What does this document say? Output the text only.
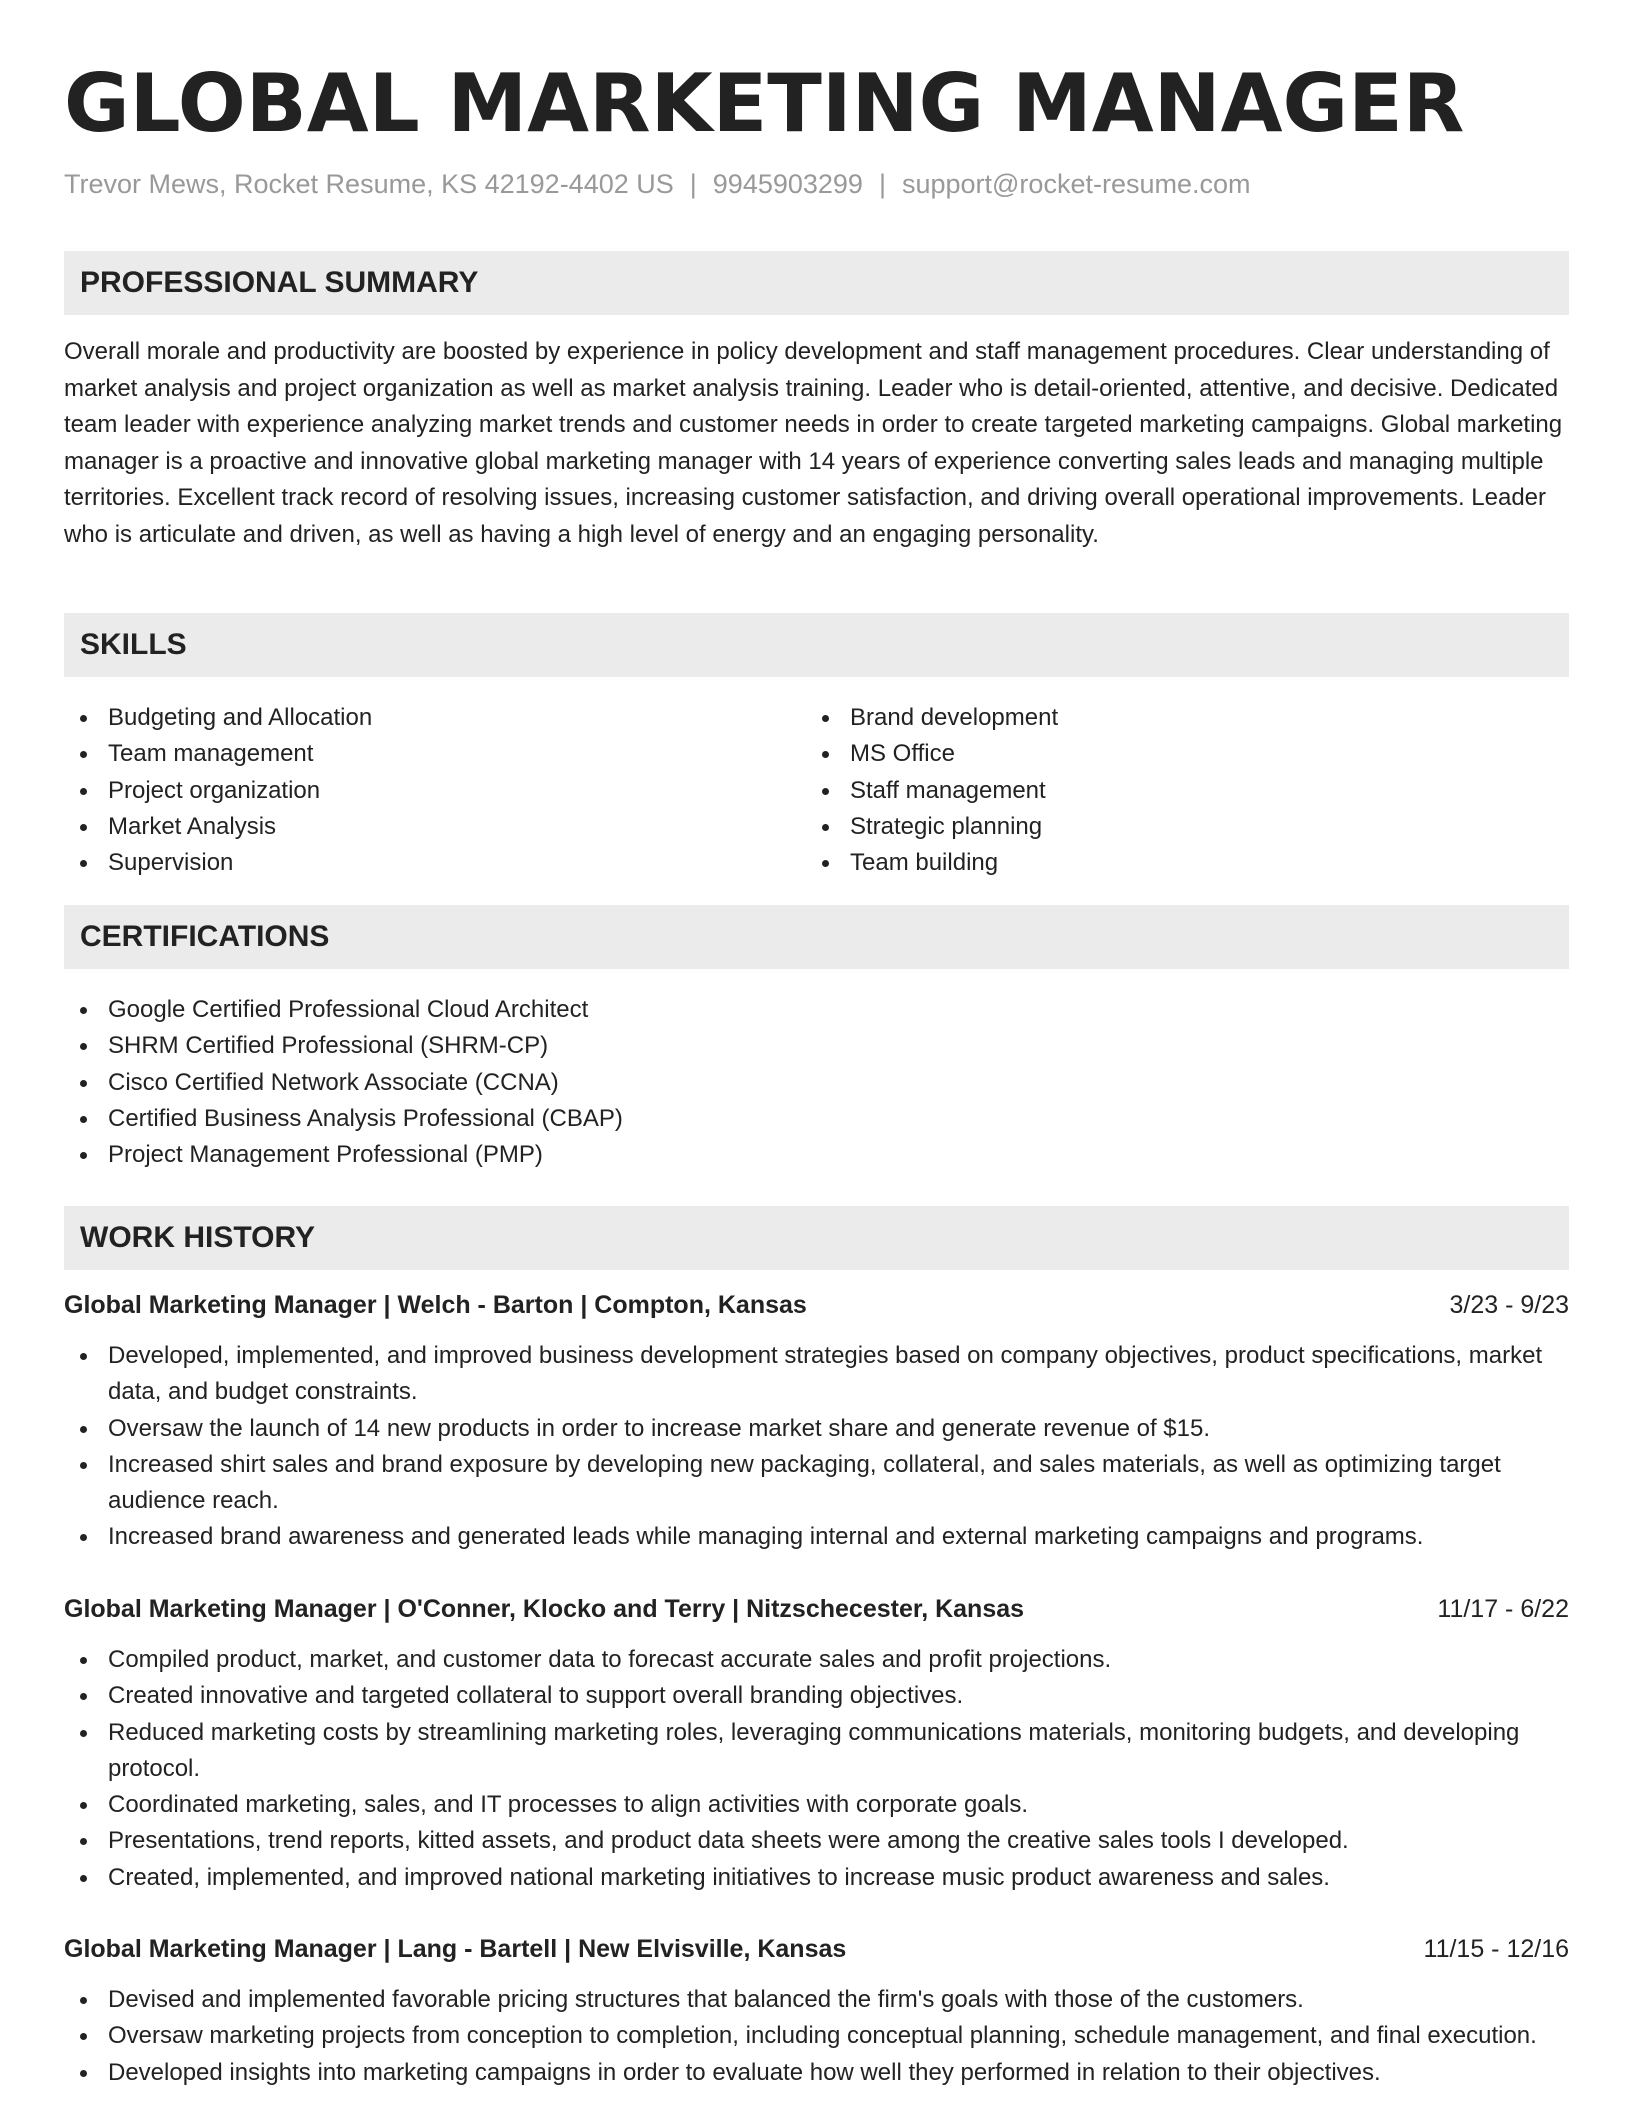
GLOBAL MARKETING MANAGER
Trevor Mews, Rocket Resume, KS 42192-4402 US | 9945903299 | support@rocket-resume.com
PROFESSIONAL SUMMARY

Overall morale and productivity are boosted by experience in policy development and staff management procedures. Clear understanding of market analysis and project organization as well as market analysis training. Leader who is detail-oriented, attentive, and decisive. Dedicated team leader with experience analyzing market trends and customer needs in order to create targeted marketing campaigns. Global marketing manager is a proactive and innovative global marketing manager with 14 years of experience converting sales leads and managing multiple territories. Excellent track record of resolving issues, increasing customer satisfaction, and driving overall operational improvements. Leader who is articulate and driven, as well as having a high level of energy and an engaging personality.

SKILLS
Budgeting and Allocation
Team management
Project organization
Market Analysis
Supervision
Brand development
MS Office
Staff management
Strategic planning
Team building
CERTIFICATIONS
Google Certified Professional Cloud Architect
SHRM Certified Professional (SHRM-CP)
Cisco Certified Network Associate (CCNA)
Certified Business Analysis Professional (CBAP)
Project Management Professional (PMP)
WORK HISTORY
Global Marketing Manager | Welch - Barton | Compton, Kansas	3/23 - 9/23
Developed, implemented, and improved business development strategies based on company objectives, product specifications, market data, and budget constraints.
Oversaw the launch of 14 new products in order to increase market share and generate revenue of $15.
Increased shirt sales and brand exposure by developing new packaging, collateral, and sales materials, as well as optimizing target audience reach.
Increased brand awareness and generated leads while managing internal and external marketing campaigns and programs.
Global Marketing Manager | O'Conner, Klocko and Terry | Nitzschecester, Kansas	11/17 - 6/22
Compiled product, market, and customer data to forecast accurate sales and profit projections.
Created innovative and targeted collateral to support overall branding objectives.
Reduced marketing costs by streamlining marketing roles, leveraging communications materials, monitoring budgets, and developing protocol.
Coordinated marketing, sales, and IT processes to align activities with corporate goals.
Presentations, trend reports, kitted assets, and product data sheets were among the creative sales tools I developed.
Created, implemented, and improved national marketing initiatives to increase music product awareness and sales.
Global Marketing Manager | Lang - Bartell | New Elvisville, Kansas	11/15 - 12/16
Devised and implemented favorable pricing structures that balanced the firm's goals with those of the customers.
Oversaw marketing projects from conception to completion, including conceptual planning, schedule management, and final execution.
Developed insights into marketing campaigns in order to evaluate how well they performed in relation to their objectives.
